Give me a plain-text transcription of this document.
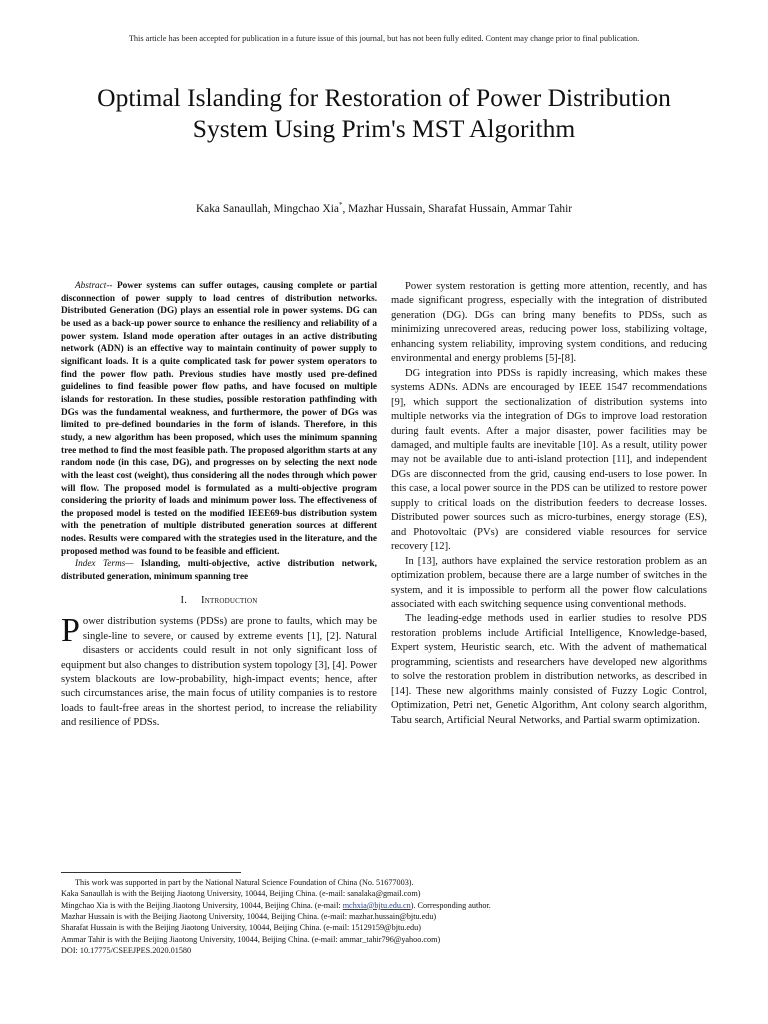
This article has been accepted for publication in a future issue of this journal, but has not been fully edited. Content may change prior to final publication.
Optimal Islanding for Restoration of Power Distribution System Using Prim's MST Algorithm
Kaka Sanaullah, Mingchao Xia*, Mazhar Hussain, Sharafat Hussain, Ammar Tahir

Abstract-- Power systems can suffer outages, causing complete or partial disconnection of power supply to load centres of distribution networks. Distributed Generation (DG) plays an essential role in power systems. DG can be used as a back-up power source to enhance the resiliency and reliability of a power system. Island mode operation after outages in an active distributing network (ADN) is an effective way to maintain continuity of power supply to significant loads. It is a quite complicated task for power system operators to find the power flow path. Previous studies have mostly used pre-defined guidelines to find feasible power flow paths, and have focused on multiple islands for restoration. In these studies, possible restoration pathfinding with DGs was the fundamental weakness, and furthermore, the power of DGs was limited to pre-defined boundaries in the form of islands. Therefore, in this study, a new algorithm has been proposed, which uses the minimum spanning tree method to find the most feasible path. The proposed algorithm starts at any random node (in this case, DG), and progresses on by selecting the next node with the least cost (weight), thus considering all the nodes through which power will flow. The proposed model is formulated as a multi-objective program considering the priority of loads and minimum power loss. The effectiveness of the proposed model is tested on the modified IEEE69-bus distribution system with the penetration of multiple distributed generation sources at different nodes. Results were compared with the strategies used in the literature, and the proposed method was found to be feasible and efficient.

Index Terms— Islanding, multi-objective, active distribution network, distributed generation, minimum spanning tree

I. Introduction

Power distribution systems (PDSs) are prone to faults, which may be single-line to severe, or caused by extreme events [1], [2]. Natural disasters or accidents could result in not only significant loss of equipment but also changes to distribution system topology [3], [4]. Power system blackouts are low-probability, high-impact events; hence, after such circumstances arise, the main focus of utility companies is to restore loads to fault-free areas in the shortest period, to increase the reliability and resilience of PDSs.

Power system restoration is getting more attention, recently, and has made significant progress, especially with the integration of distributed generation (DG). DGs can bring many benefits to PDSs, such as minimizing unrecovered areas, reducing power loss, stabilizing voltage, enhancing system reliability, improving system conditions, and reducing environmental and energy problems [5]-[8].

DG integration into PDSs is rapidly increasing, which makes these systems ADNs. ADNs are encouraged by IEEE 1547 recommendations [9], which support the sectionalization of distribution systems into multiple networks via the integration of DGs to improve load restoration during fault events. After a major disaster, power facilities may be damaged, and multiple faults are inevitable [10]. As a result, utility power may not be available due to anti-island protection [11], and independent DGs are disconnected from the grid, causing end-users to lose power. In this case, a local power source in the PDS can be utilized to restore power supply to critical loads on the distribution feeders to decrease losses. Distributed power sources such as micro-turbines, energy storage (ES), and Photovoltaic (PVs) are considered viable resources for service recovery [12].

In [13], authors have explained the service restoration problem as an optimization problem, because there are a large number of switches in the system, and it is impossible to perform all the power flow calculations associated with each switching sequence using conventional methods.

The leading-edge methods used in earlier studies to resolve PDS restoration problems include Artificial Intelligence, Knowledge-based, Expert system, Heuristic search, etc. With the advent of mathematical programming, scientists and researchers have developed new algorithms to solve the restoration problem in distribution networks, as described in [14]. These new algorithms mainly consisted of Fuzzy Logic Control, Optimization, Petri net, Genetic Algorithm, Ant colony search algorithm, Tabu search, Artificial Neural Networks, and Partial swarm optimization.

This work was supported in part by the National Natural Science Foundation of China (No. 51677003).
Kaka Sanaullah is with the Beijing Jiaotong University, 10044, Beijing China. (e-mail: sanalaka@gmail.com)
Mingchao Xia is with the Beijing Jiaotong University, 10044, Beijing China. (e-mail: mchxia@bjtu.edu.cn). Corresponding author.
Mazhar Hussain is with the Beijing Jiaotong University, 10044, Beijing China. (e-mail: mazhar.hussain@bjtu.edu)
Sharafat Hussain is with the Beijing Jiaotong University, 10044, Beijing China. (e-mail: 15129159@bjtu.edu)
Ammar Tahir is with the Beijing Jiaotong University, 10044, Beijing China. (e-mail: ammar_tahir796@yahoo.com)
DOI: 10.17775/CSEEJPES.2020.01580
